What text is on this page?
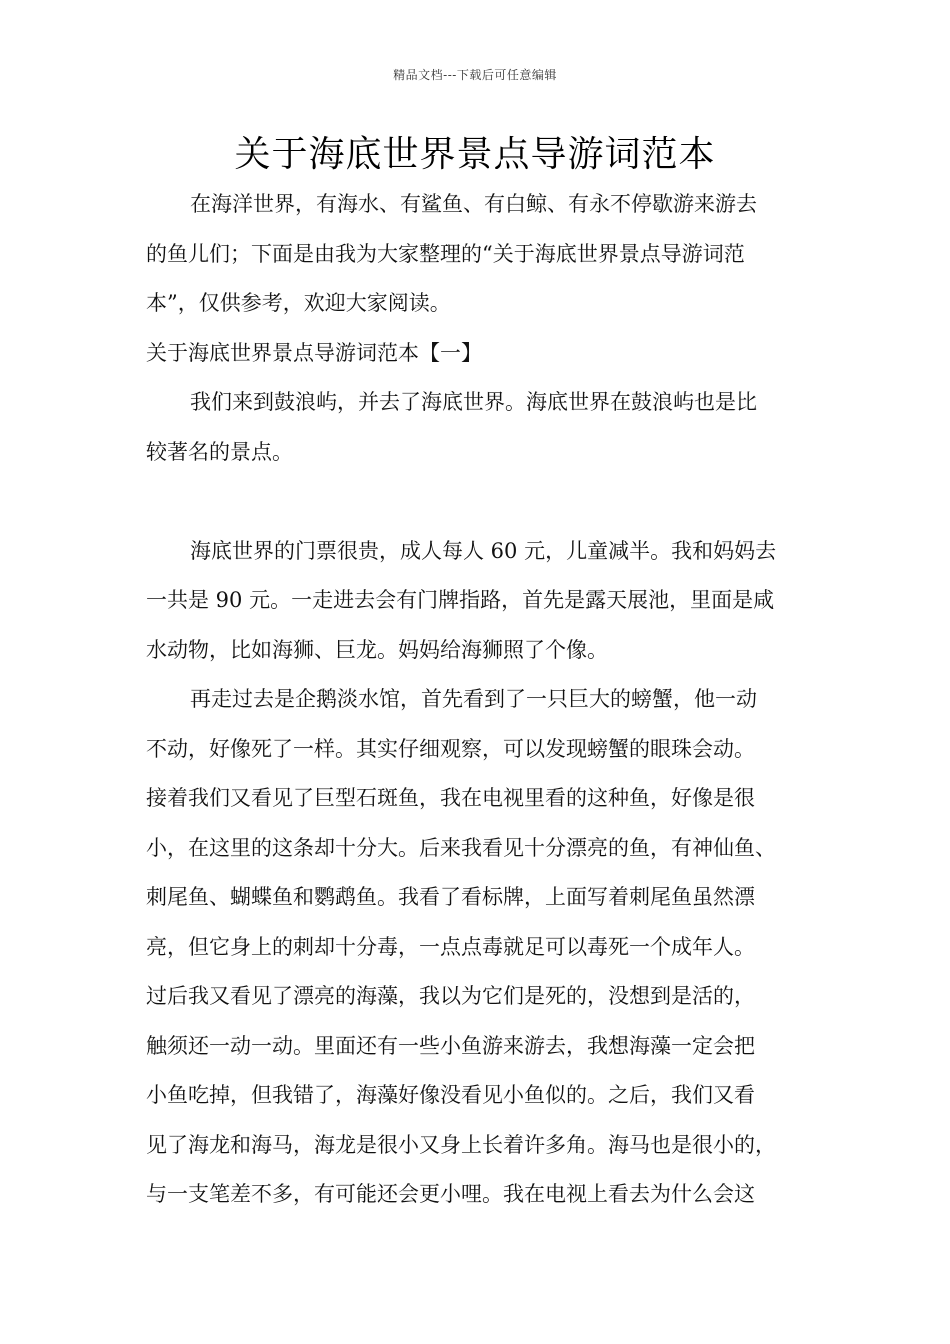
精品文档---下载后可任意编辑
关于海底世界景点导游词范本
在海洋世界，有海水、有鲨鱼、有白鲸、有永不停歇游来游去
的鱼儿们；下面是由我为大家整理的“关于海底世界景点导游词范
本”，仅供参考，欢迎大家阅读。
关于海底世界景点导游词范本【一】
我们来到鼓浪屿，并去了海底世界。海底世界在鼓浪屿也是比
较著名的景点。
海底世界的门票很贵，成人每人 60 元，儿童减半。我和妈妈去
一共是 90 元。一走进去会有门牌指路，首先是露天展池，里面是咸
水动物，比如海狮、巨龙。妈妈给海狮照了个像。
再走过去是企鹅淡水馆，首先看到了一只巨大的螃蟹，他一动
不动，好像死了一样。其实仔细观察，可以发现螃蟹的眼珠会动。
接着我们又看见了巨型石斑鱼，我在电视里看的这种鱼，好像是很
小，在这里的这条却十分大。后来我看见十分漂亮的鱼，有神仙鱼、
刺尾鱼、蝴蝶鱼和鹦鹉鱼。我看了看标牌，上面写着刺尾鱼虽然漂
亮，但它身上的刺却十分毒，一点点毒就足可以毒死一个成年人。
过后我又看见了漂亮的海藻，我以为它们是死的，没想到是活的，
触须还一动一动。里面还有一些小鱼游来游去，我想海藻一定会把
小鱼吃掉，但我错了，海藻好像没看见小鱼似的。之后，我们又看
见了海龙和海马，海龙是很小又身上长着许多角。海马也是很小的，
与一支笔差不多，有可能还会更小哩。我在电视上看去为什么会这
